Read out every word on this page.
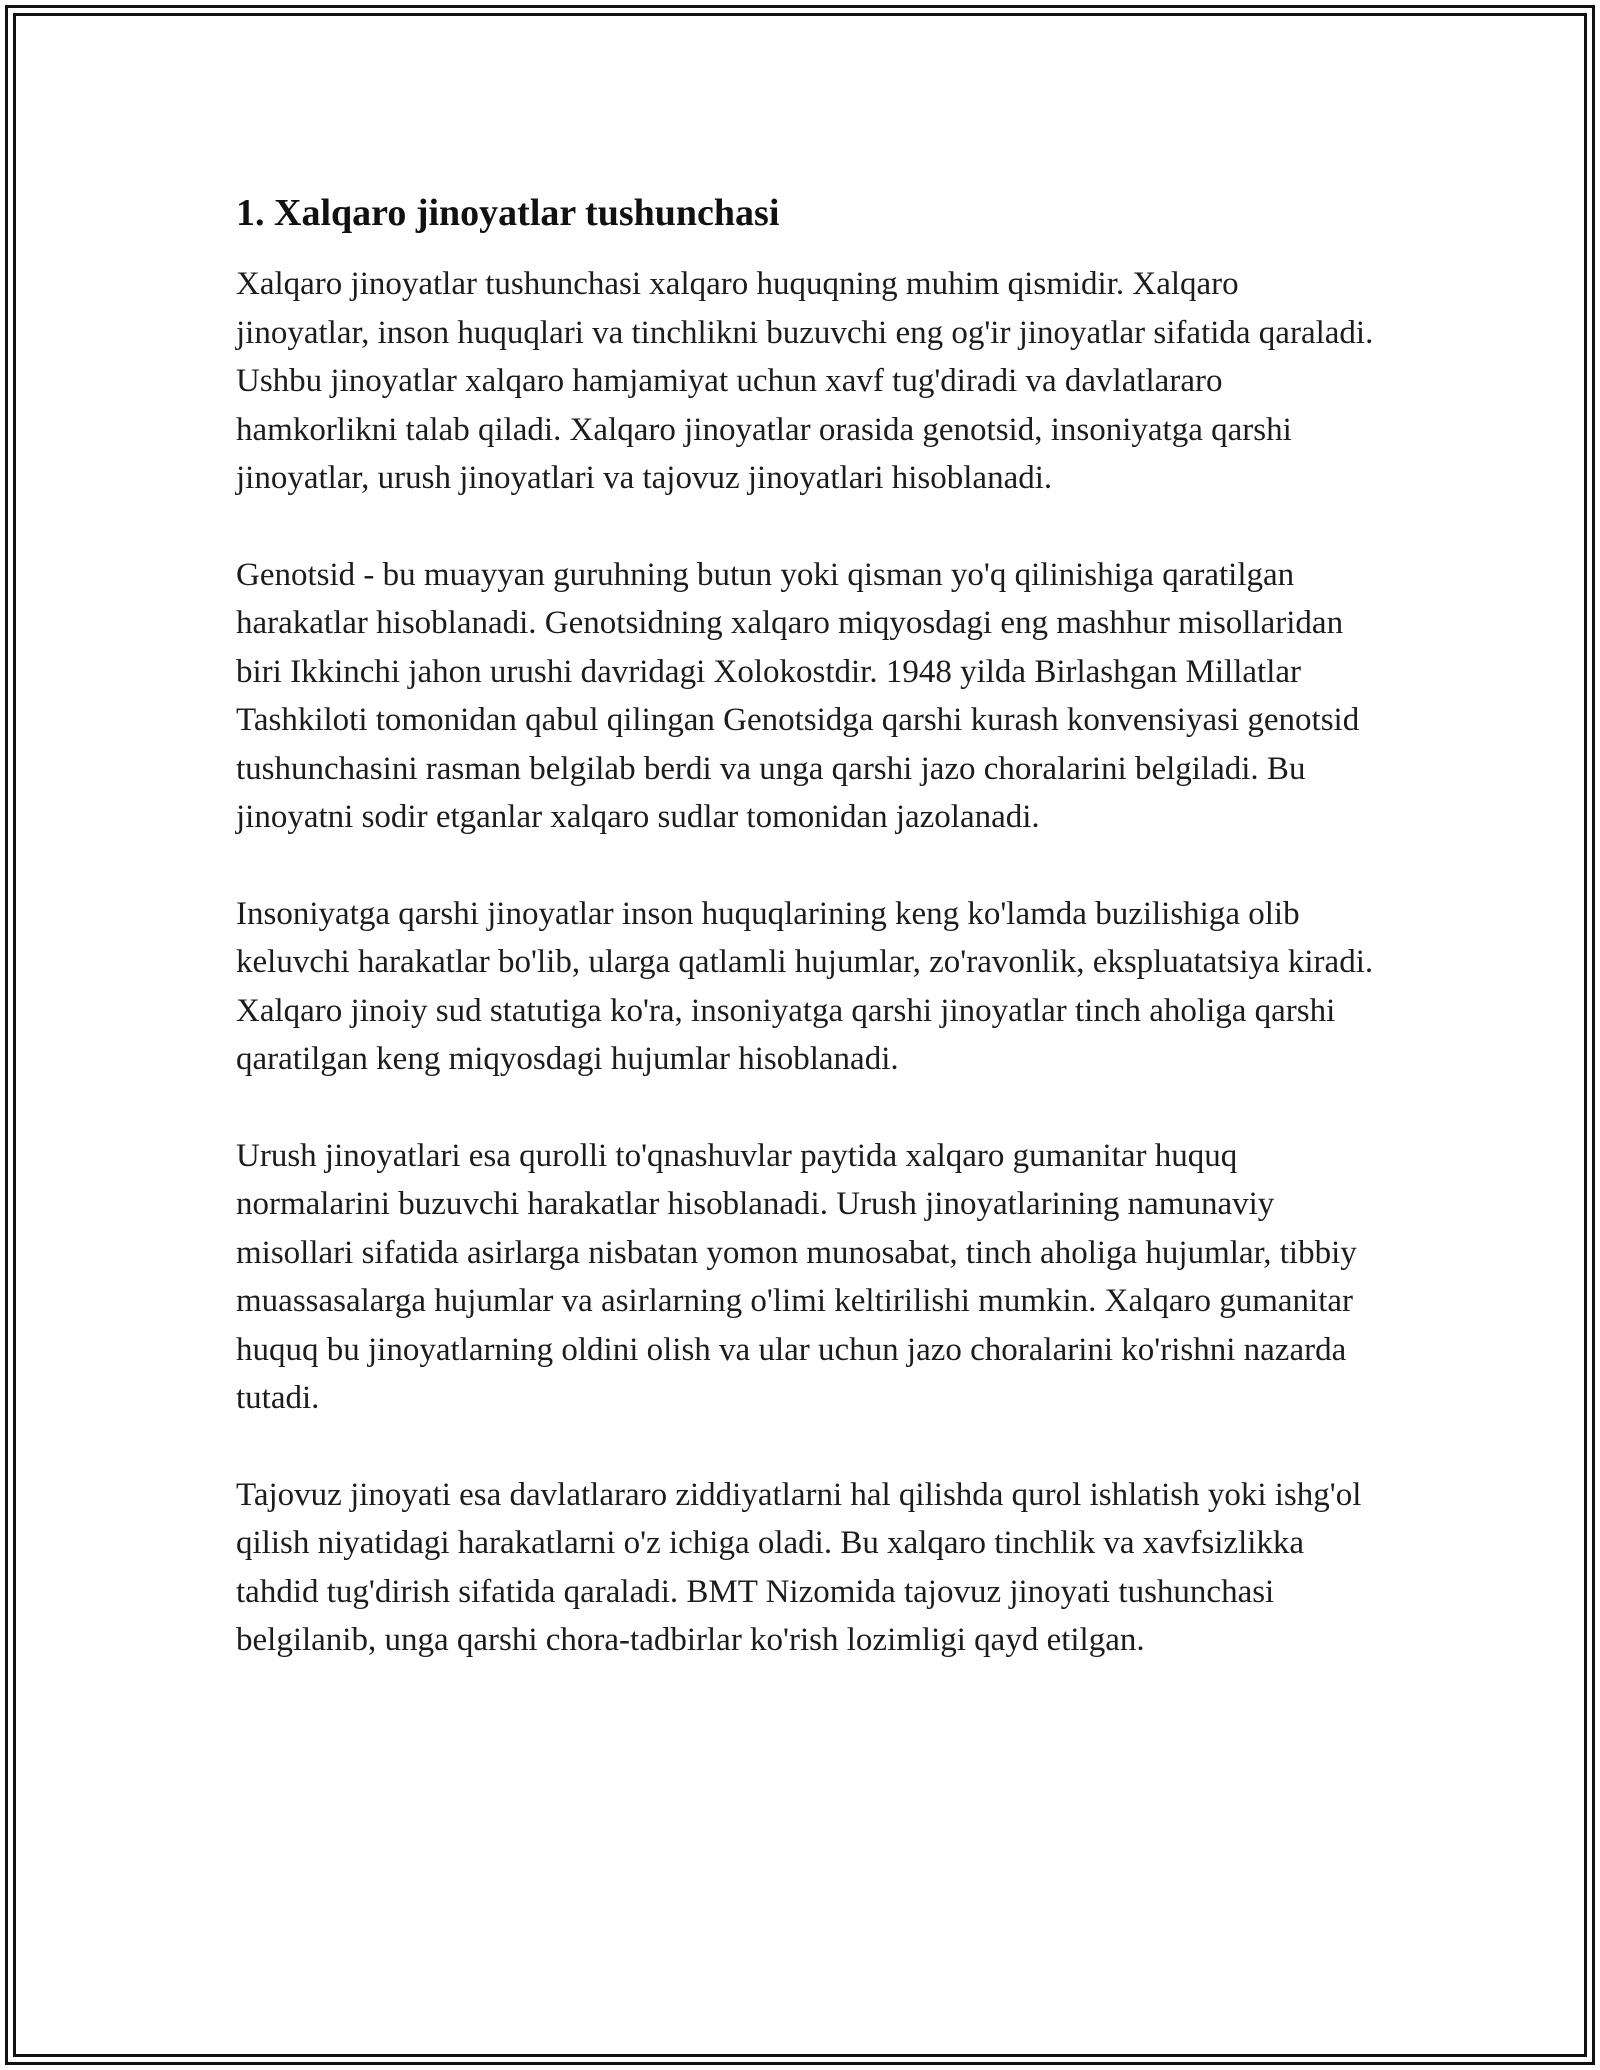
1. Xalqaro jinoyatlar tushunchasi

Xalqaro jinoyatlar tushunchasi xalqaro huquqning muhim qismidir. Xalqaro jinoyatlar, inson huquqlari va tinchlikni buzuvchi eng og'ir jinoyatlar sifatida qaraladi. Ushbu jinoyatlar xalqaro hamjamiyat uchun xavf tug'diradi va davlatlararo hamkorlikni talab qiladi. Xalqaro jinoyatlar orasida genotsid, insoniyatga qarshi jinoyatlar, urush jinoyatlari va tajovuz jinoyatlari hisoblanadi.

Genotsid - bu muayyan guruhning butun yoki qisman yo'q qilinishiga qaratilgan harakatlar hisoblanadi. Genotsidning xalqaro miqyosdagi eng mashhur misollaridan biri Ikkinchi jahon urushi davridagi Xolokostdir. 1948 yilda Birlashgan Millatlar Tashkiloti tomonidan qabul qilingan Genotsidga qarshi kurash konvensiyasi genotsid tushunchasini rasman belgilab berdi va unga qarshi jazo choralarini belgiladi. Bu jinoyatni sodir etganlar xalqaro sudlar tomonidan jazolanadi.

Insoniyatga qarshi jinoyatlar inson huquqlarining keng ko'lamda buzilishiga olib keluvchi harakatlar bo'lib, ularga qatlamli hujumlar, zo'ravonlik, ekspluatatsiya kiradi. Xalqaro jinoiy sud statutiga ko'ra, insoniyatga qarshi jinoyatlar tinch aholiga qarshi qaratilgan keng miqyosdagi hujumlar hisoblanadi.

Urush jinoyatlari esa qurolli to'qnashuvlar paytida xalqaro gumanitar huquq normalarini buzuvchi harakatlar hisoblanadi. Urush jinoyatlarining namunaviy misollari sifatida asirlarga nisbatan yomon munosabat, tinch aholiga hujumlar, tibbiy muassasalarga hujumlar va asirlarning o'limi keltirilishi mumkin. Xalqaro gumanitar huquq bu jinoyatlarning oldini olish va ular uchun jazo choralarini ko'rishni nazarda tutadi.

Tajovuz jinoyati esa davlatlararo ziddiyatlarni hal qilishda qurol ishlatish yoki ishg'ol qilish niyatidagi harakatlarni o'z ichiga oladi. Bu xalqaro tinchlik va xavfsizlikka tahdid tug'dirish sifatida qaraladi. BMT Nizomida tajovuz jinoyati tushunchasi belgilanib, unga qarshi chora-tadbirlar ko'rish lozimligi qayd etilgan.
